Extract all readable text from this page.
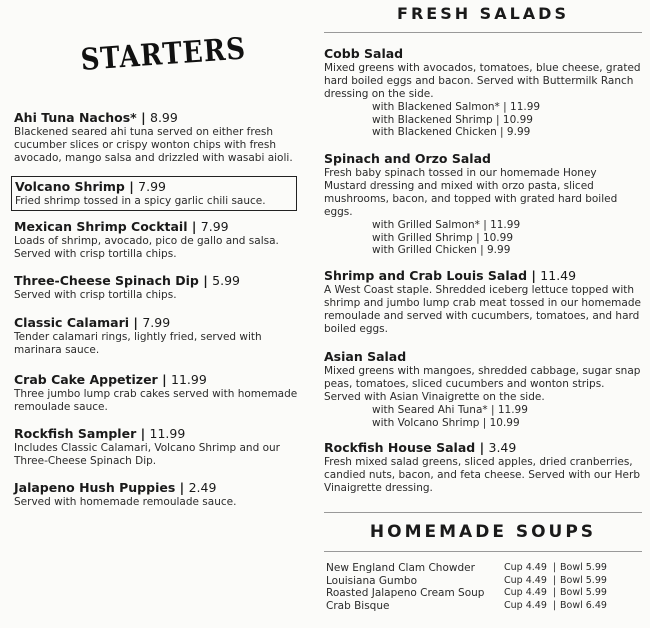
STARTERS
Ahi Tuna Nachos* | 8.99
Blackened seared ahi tuna served on either fresh cucumber slices or crispy wonton chips with fresh avocado, mango salsa and drizzled with wasabi aioli.
Volcano Shrimp | 7.99
Fried shrimp tossed in a spicy garlic chili sauce.
Mexican Shrimp Cocktail | 7.99
Loads of shrimp, avocado, pico de gallo and salsa. Served with crisp tortilla chips.
Three-Cheese Spinach Dip | 5.99
Served with crisp tortilla chips.
Classic Calamari | 7.99
Tender calamari rings, lightly fried, served with marinara sauce.
Crab Cake Appetizer | 11.99
Three jumbo lump crab cakes served with homemade remoulade sauce.
Rockfish Sampler | 11.99
Includes Classic Calamari, Volcano Shrimp and our Three-Cheese Spinach Dip.
Jalapeno Hush Puppies | 2.49
Served with homemade remoulade sauce.
FRESH SALADS
Cobb Salad
Mixed greens with avocados, tomatoes, blue cheese, grated hard boiled eggs and bacon. Served with Buttermilk Ranch dressing on the side.
with Blackened Salmon* | 11.99
with Blackened Shrimp | 10.99
with Blackened Chicken | 9.99
Spinach and Orzo Salad
Fresh baby spinach tossed in our homemade Honey Mustard dressing and mixed with orzo pasta, sliced mushrooms, bacon, and topped with grated hard boiled eggs.
with Grilled Salmon* | 11.99
with Grilled Shrimp | 10.99
with Grilled Chicken | 9.99
Shrimp and Crab Louis Salad | 11.49
A West Coast staple. Shredded iceberg lettuce topped with shrimp and jumbo lump crab meat tossed in our homemade remoulade and served with cucumbers, tomatoes, and hard boiled eggs.
Asian Salad
Mixed greens with mangoes, shredded cabbage, sugar snap peas, tomatoes, sliced cucumbers and wonton strips. Served with Asian Vinaigrette on the side.
with Seared Ahi Tuna* | 11.99
with Volcano Shrimp | 10.99
Rockfish House Salad | 3.49
Fresh mixed salad greens, sliced apples, dried cranberries, candied nuts, bacon, and feta cheese. Served with our Herb Vinaigrette dressing.
HOMEMADE SOUPS
New England Clam Chowder	Cup 4.49 | Bowl 5.99
Louisiana Gumbo	Cup 4.49 | Bowl 5.99
Roasted Jalapeno Cream Soup Cup 4.49 | Bowl 5.99
Crab Bisque	Cup 4.49 | Bowl 6.49
